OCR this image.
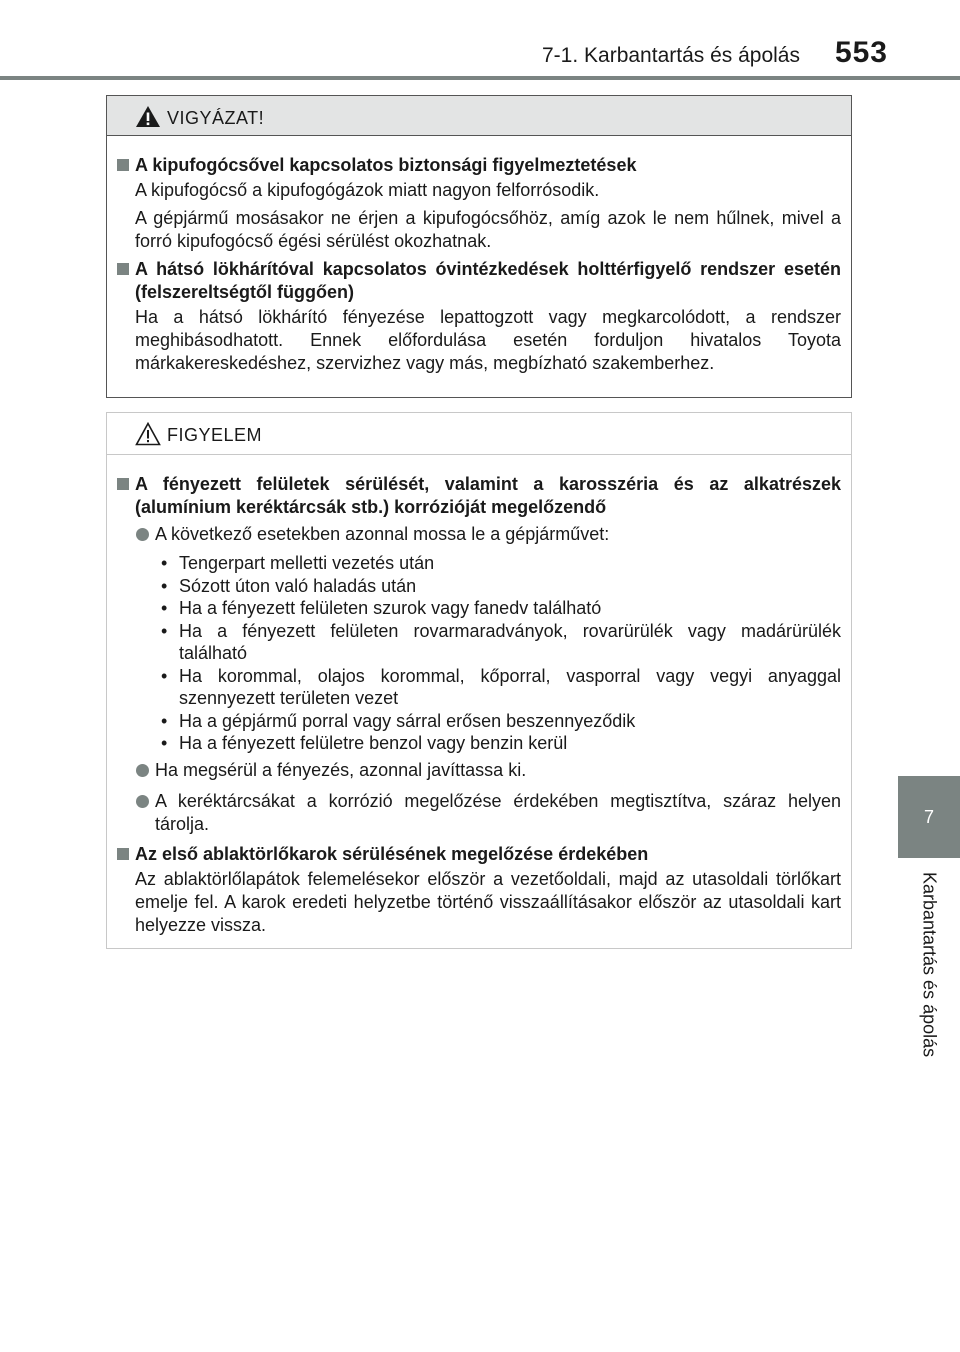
7-1. Karbantartás és ápolás	553
7
Karbantartás és ápolás
VIGYÁZAT!
A kipufogócsővel kapcsolatos biztonsági figyelmeztetések
A kipufogócső a kipufogógázok miatt nagyon felforrósodik.
A gépjármű mosásakor ne érjen a kipufogócsőhöz, amíg azok le nem hűlnek, mivel a forró kipufogócső égési sérülést okozhatnak.
A hátsó lökhárítóval kapcsolatos óvintézkedések holttérfigyelő rendszer esetén (felszereltségtől függően)
Ha a hátsó lökhárító fényezése lepattogzott vagy megkarcolódott, a rendszer meghibásodhatott. Ennek előfordulása esetén forduljon hivatalos Toyota márkakereskedéshez, szervizhez vagy más, megbízható szakemberhez.
FIGYELEM
A fényezett felületek sérülését, valamint a karosszéria és az alkatrészek (alumínium keréktárcsák stb.) korrózióját megelőzendő
A következő esetekben azonnal mossa le a gépjárművet:
• Tengerpart melletti vezetés után
• Sózott úton való haladás után
• Ha a fényezett felületen szurok vagy fanedv található
• Ha a fényezett felületen rovarmaradványok, rovarürülék vagy madárürülék található
• Ha korommal, olajos korommal, kőporral, vasporral vagy vegyi anyaggal szennyezett területen vezet
• Ha a gépjármű porral vagy sárral erősen beszennyeződik
• Ha a fényezett felületre benzol vagy benzin kerül
Ha megsérül a fényezés, azonnal javíttassa ki.
A keréktárcsákat a korrózió megelőzése érdekében megtisztítva, száraz helyen tárolja.
Az első ablaktörlőkarok sérülésének megelőzése érdekében
Az ablaktörlőlapátok felemelésekor először a vezetőoldali, majd az utasoldali törlőkart emelje fel. A karok eredeti helyzetbe történő visszaállításakor először az utasoldali kart helyezze vissza.
